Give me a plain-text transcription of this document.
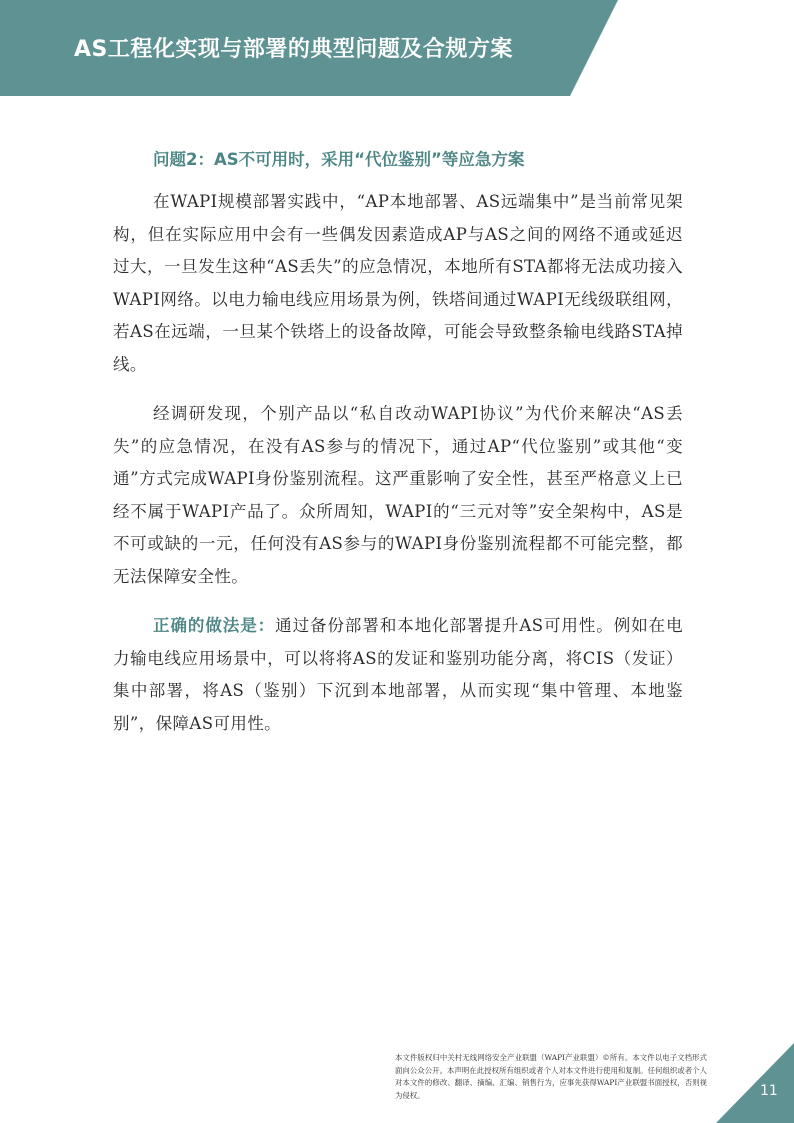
AS工程化实现与部署的典型问题及合规方案
问题2：AS不可用时，采用“代位鉴别”等应急方案

在WAPI规模部署实践中，“AP本地部署、AS远端集中”是当前常见架构，但在实际应用中会有一些偶发因素造成AP与AS之间的网络不通或延迟过大，一旦发生这种“AS丢失”的应急情况，本地所有STA都将无法成功接入WAPI网络。以电力输电线应用场景为例，铁塔间通过WAPI无线级联组网，若AS在远端，一旦某个铁塔上的设备故障，可能会导致整条输电线路STA掉线。

经调研发现，个别产品以“私自改动WAPI协议”为代价来解决“AS丢失”的应急情况，在没有AS参与的情况下，通过AP“代位鉴别”或其他“变通”方式完成WAPI身份鉴别流程。这严重影响了安全性，甚至严格意义上已经不属于WAPI产品了。众所周知，WAPI的“三元对等”安全架构中，AS是不可或缺的一元，任何没有AS参与的WAPI身份鉴别流程都不可能完整，都无法保障安全性。

正确的做法是：通过备份部署和本地化部署提升AS可用性。例如在电力输电线应用场景中，可以将将AS的发证和鉴别功能分离，将CIS（发证）集中部署，将AS（鉴别）下沉到本地部署，从而实现“集中管理、本地鉴别”，保障AS可用性。

本文件版权归中关村无线网络安全产业联盟（WAPI产业联盟）©所有。本文件以电子文档形式面向公众公开。本声明在此授权所有组织或者个人对本文件进行使用和复制。任何组织或者个人对本文件的修改、翻译、摘编、汇编、销售行为，应事先获得WAPI产业联盟书面授权，否则视为侵权。	11
